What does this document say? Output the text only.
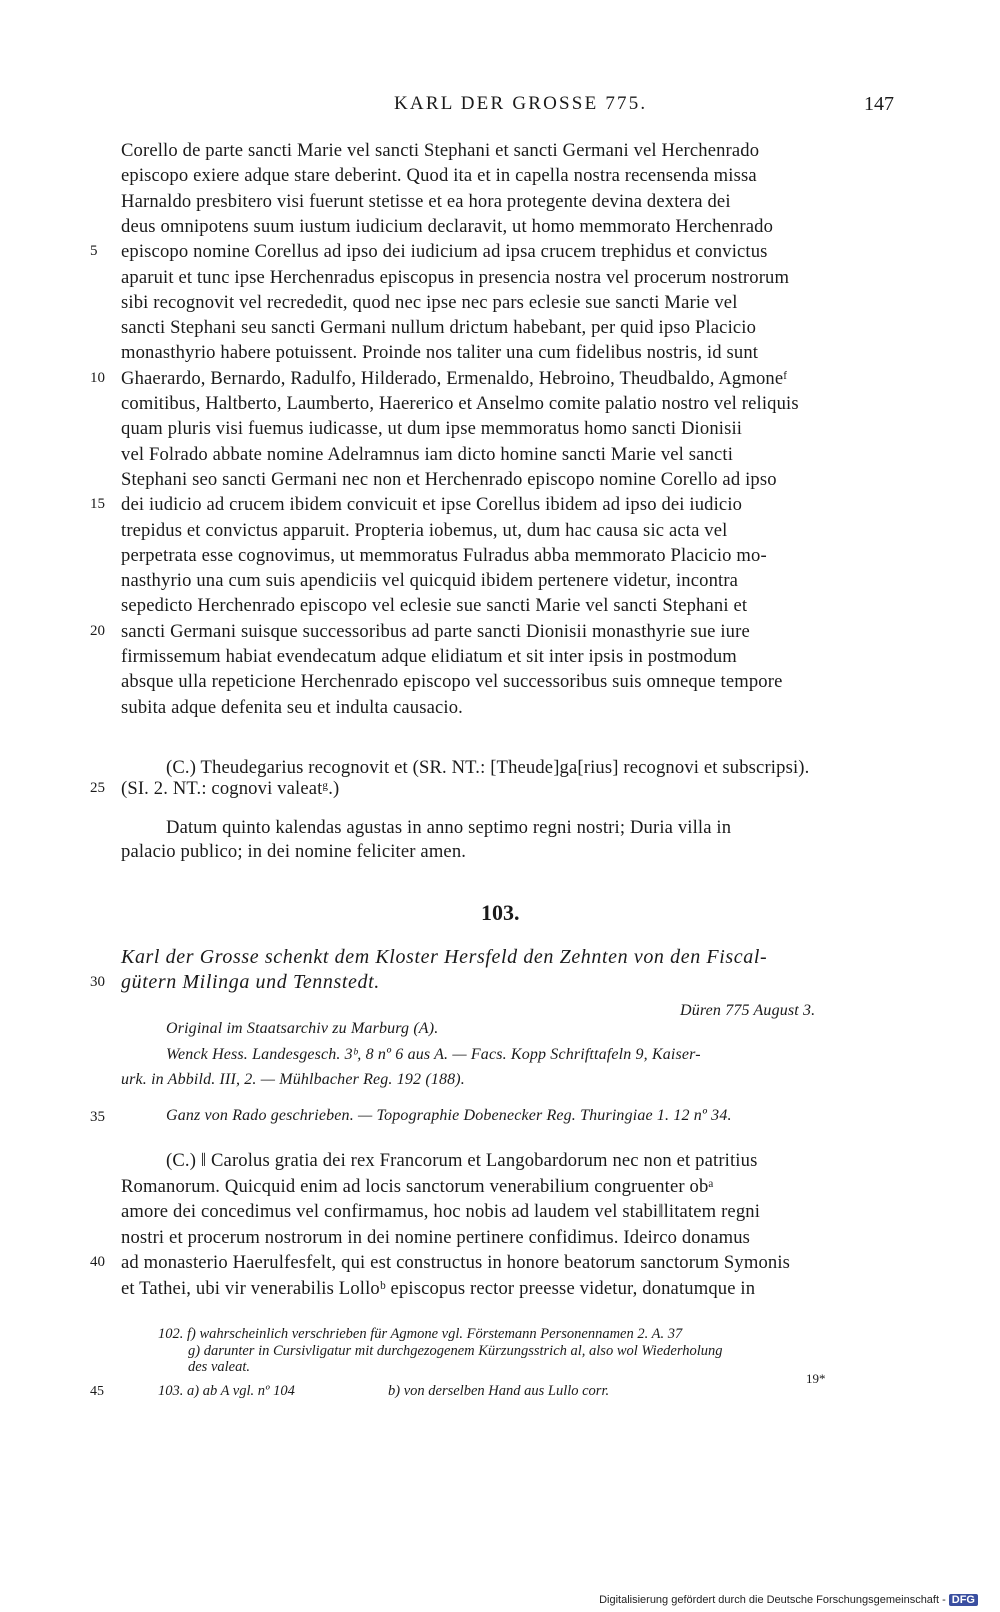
KARL DER GROSSE 775.	147
Corello de parte sancti Marie vel sancti Stephani et sancti Germani vel Herchenrado
episcopo exiere adque stare deberint. Quod ita et in capella nostra recensenda missa
Harnaldo presbitero visi fuerunt stetisse et ea hora protegente devina dextera dei
deus omnipotens suum iustum iudicium declaravit, ut homo memmorato Herchenrado
5	episcopo nomine Corellus ad ipso dei iudicium ad ipsa crucem trephidus et convictus
aparuit et tunc ipse Herchenradus episcopus in presencia nostra vel procerum nostrorum
sibi recognovit vel recrededit, quod nec ipse nec pars eclesie sue sancti Marie vel
sancti Stephani seu sancti Germani nullum drictum habebant, per quid ipso Placicio
monasthyrio habere potuissent. Proinde nos taliter una cum fidelibus nostris, id sunt
10 Ghaerardo, Bernardo, Radulfo, Hilderado, Ermenaldo, Hebroino, Theudbaldo, Agmoneᶠ
comitibus, Haltberto, Laumberto, Haererico et Anselmo comite palatio nostro vel reliquis
quam pluris visi fuemus iudicasse, ut dum ipse memmoratus homo sancti Dionisii
vel Folrado abbate nomine Adelramnus iam dicto homine sancti Marie vel sancti
Stephani seo sancti Germani nec non et Herchenrado episcopo nomine Corello ad ipso
15 dei iudicio ad crucem ibidem convicuit et ipse Corellus ibidem ad ipso dei iudicio
trepidus et convictus apparuit. Propteria iobemus, ut, dum hac causa sic acta vel
perpetrata esse cognovimus, ut memmoratus Fulradus abba memmorato Placicio mo-
nasthyrio una cum suis apendiciis vel quicquid ibidem pertenere videtur, incontra
sepedicto Herchenrado episcopo vel eclesie sue sancti Marie vel sancti Stephani et
20 sancti Germani suisque successoribus ad parte sancti Dionisii monasthyrie sue iure
firmissemum habiat evendecatum adque elidiatum et sit inter ipsis in postmodum
absque ulla repeticione Herchenrado episcopo vel successoribus suis omneque tempore
subita adque defenita seu et indulta causacio.
(C.) Theudegarius recognovit et (SR. NT.: [Theude]ga[rius] recognovi et subscripsi).
25 (SI. 2. NT.: cognovi valeatᵍ.)
Datum quinto kalendas agustas in anno septimo regni nostri; Duria villa in
palacio publico; in dei nomine feliciter amen.
103.
Karl der Grosse schenkt dem Kloster Hersfeld den Zehnten von den Fiscal-
30 gütern Milinga und Tennstedt.
Düren 775 August 3.
Original im Staatsarchiv zu Marburg (A).
Wenck Hess. Landesgesch. 3ᵇ, 8 nº 6 aus A. — Facs. Kopp Schrifttafeln 9, Kaiser-
urk. in Abbild. III, 2. — Mühlbacher Reg. 192 (188).
35	Ganz von Rado geschrieben. — Topographie Dobenecker Reg. Thuringiae 1. 12 nº 34.
(C.) ‖ Carolus gratia dei rex Francorum et Langobardorum nec non et patritius
Romanorum. Quicquid enim ad locis sanctorum venerabilium congruenter obᵃ
amore dei concedimus vel confirmamus, hoc nobis ad laudem vel stabi‖litatem regni
nostri et procerum nostrorum in dei nomine pertinere confidimus. Ideirco donamus
40 ad monasterio Haerulfesfelt, qui est constructus in honore beatorum sanctorum Symonis
et Tathei, ubi vir venerabilis Lolloᵇ episcopus rector preesse videtur, donatumque in
102. f) wahrscheinlich verschrieben für Agmone vgl. Förstemann Personennamen 2. A. 37
g) darunter in Cursivligatur mit durchgezogenem Kürzungsstrich al, also wol Wiederholung
des valeat.
45	103. a) ab A vgl. nº 104	b) von derselben Hand aus Lullo corr.
19*
Digitalisierung gefördert durch die Deutsche Forschungsgemeinschaft - DFG
